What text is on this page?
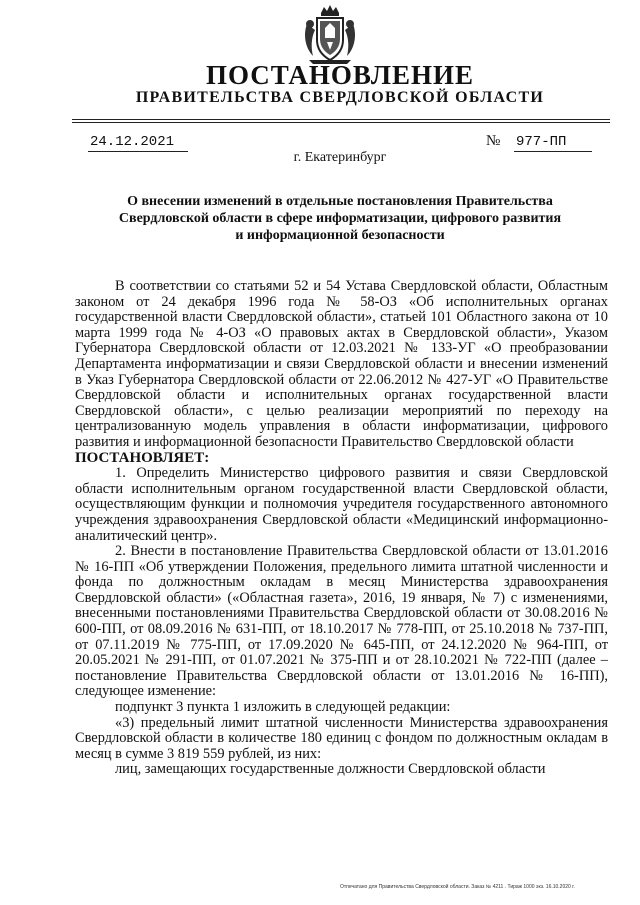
ПОСТАНОВЛЕНИЕ
ПРАВИТЕЛЬСТВА СВЕРДЛОВСКОЙ ОБЛАСТИ
24.12.2021	№ 977-ПП
г. Екатеринбург
О внесении изменений в отдельные постановления Правительства
Свердловской области в сфере информатизации, цифрового развития
и информационной безопасности

В соответствии со статьями 52 и 54 Устава Свердловской области, Областным законом от 24 декабря 1996 года № 58-ОЗ «Об исполнительных органах государственной власти Свердловской области», статьей 101 Областного закона от 10 марта 1999 года № 4-ОЗ «О правовых актах в Свердловской области», Указом Губернатора Свердловской области от 12.03.2021 № 133-УГ «О преобразовании Департамента информатизации и связи Свердловской области и внесении изменений в Указ Губернатора Свердловской области от 22.06.2012 № 427-УГ «О Правительстве Свердловской области и исполнительных органах государственной власти Свердловской области», с целью реализации мероприятий по переходу на централизованную модель управления в области информатизации, цифрового развития и информационной безопасности Правительство Свердловской области

ПОСТАНОВЛЯЕТ:

1. Определить Министерство цифрового развития и связи Свердловской области исполнительным органом государственной власти Свердловской области, осуществляющим функции и полномочия учредителя государственного автономного учреждения здравоохранения Свердловской области «Медицинский информационно-аналитический центр».

2. Внести в постановление Правительства Свердловской области от 13.01.2016 № 16-ПП «Об утверждении Положения, предельного лимита штатной численности и фонда по должностным окладам в месяц Министерства здравоохранения Свердловской области» («Областная газета», 2016, 19 января, № 7) с изменениями, внесенными постановлениями Правительства Свердловской области от 30.08.2016 № 600-ПП, от 08.09.2016 № 631-ПП, от 18.10.2017 № 778-ПП, от 25.10.2018 № 737-ПП, от 07.11.2019 № 775-ПП, от 17.09.2020 № 645-ПП, от 24.12.2020 № 964-ПП, от 20.05.2021 № 291-ПП, от 01.07.2021 № 375-ПП и от 28.10.2021 № 722-ПП (далее – постановление Правительства Свердловской области от 13.01.2016 № 16-ПП), следующее изменение:

подпункт 3 пункта 1 изложить в следующей редакции:

«3) предельный лимит штатной численности Министерства здравоохранения Свердловской области в количестве 180 единиц с фондом по должностным окладам в месяц в сумме 3 819 559 рублей, из них:

лиц, замещающих государственные должности Свердловской области

Отпечатано для Правительства Свердловской области. Заказ № 4211 . Тираж 1000 экз. 16.10.2020 г.
